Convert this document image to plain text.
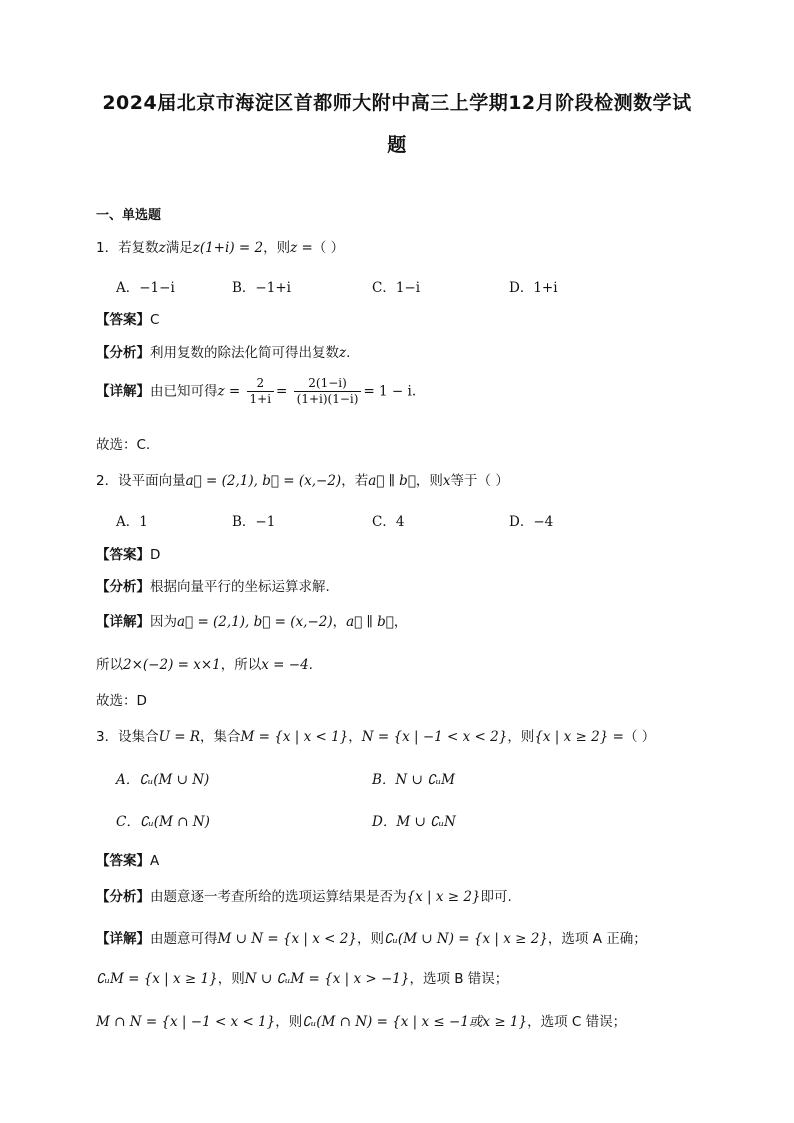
2024届北京市海淀区首都师大附中高三上学期12月阶段检测数学试
题
一、单选题
1．若复数z满足z(1+i) = 2，则z =（ ）
A．−1−i	B．−1+i	C．1−i	D．1+i
【答案】C
【分析】利用复数的除法化简可得出复数z.
【详解】由已知可得$z = \frac{2}{1+i} = \frac{2(1-i)}{(1+i)(1-i)} = 1 - i$.
故选：C.
2．设平面向量a⃗ = (2,1), b⃗ = (x,−2)，若a⃗ ∥ b⃗，则x等于（ ）
A．1	B．−1	C．4	D．−4
【答案】D
【分析】根据向量平行的坐标运算求解.
【详解】因为a⃗ = (2,1), b⃗ = (x,−2)，a⃗ ∥ b⃗，
所以2×(−2) = x×1，所以x = −4.
故选：D
3．设集合U = R，集合M = {x | x < 1}，N = {x | −1 < x < 2}，则{x | x ≥ 2} =（ ）
A．∁ᵤ(M ∪ N)	B．N ∪ ∁ᵤM
C．∁ᵤ(M ∩ N)	D．M ∪ ∁ᵤN
【答案】A
【分析】由题意逐一考查所给的选项运算结果是否为{x | x ≥ 2}即可.
【详解】由题意可得M ∪ N = {x | x < 2}，则∁ᵤ(M ∪ N) = {x | x ≥ 2}，选项 A 正确；
∁ᵤM = {x | x ≥ 1}，则N ∪ ∁ᵤM = {x | x > −1}，选项 B 错误；
M ∩ N = {x | −1 < x < 1}，则∁ᵤ(M ∩ N) = {x | x ≤ −1或x ≥ 1}，选项 C 错误；
